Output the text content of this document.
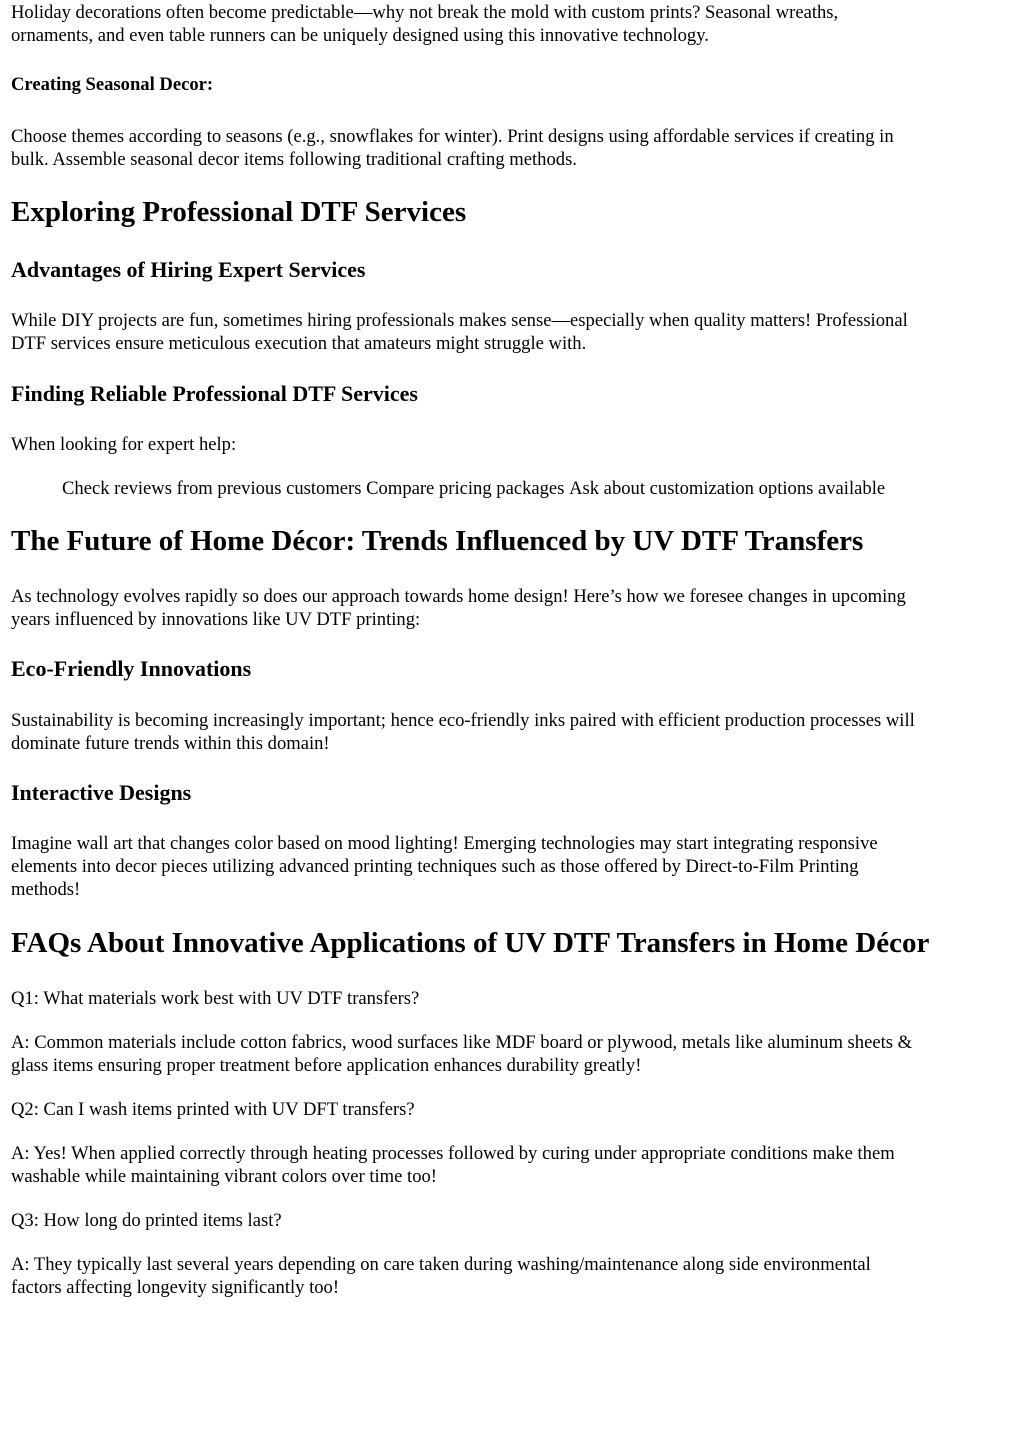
Holiday decorations often become predictable—why not break the mold with custom prints? Seasonal wreaths,
ornaments, and even table runners can be uniquely designed using this innovative technology.

Creating Seasonal Decor:

Choose themes according to seasons (e.g., snowflakes for winter). Print designs using affordable services if creating in
bulk. Assemble seasonal decor items following traditional crafting methods.

Exploring Professional DTF Services
Advantages of Hiring Expert Services

While DIY projects are fun, sometimes hiring professionals makes sense—especially when quality matters! Professional
DTF services ensure meticulous execution that amateurs might struggle with.

Finding Reliable Professional DTF Services

When looking for expert help:

Check reviews from previous customers Compare pricing packages Ask about customization options available
The Future of Home Décor: Trends Influenced by UV DTF Transfers

As technology evolves rapidly so does our approach towards home design! Here’s how we foresee changes in upcoming
years influenced by innovations like UV DTF printing:

Eco-Friendly Innovations

Sustainability is becoming increasingly important; hence eco-friendly inks paired with efficient production processes will
dominate future trends within this domain!

Interactive Designs

Imagine wall art that changes color based on mood lighting! Emerging technologies may start integrating responsive
elements into decor pieces utilizing advanced printing techniques such as those offered by Direct-to-Film Printing
methods!

FAQs About Innovative Applications of UV DTF Transfers in Home Décor

Q1: What materials work best with UV DTF transfers?

A: Common materials include cotton fabrics, wood surfaces like MDF board or plywood, metals like aluminum sheets &
glass items ensuring proper treatment before application enhances durability greatly!

Q2: Can I wash items printed with UV DFT transfers?

A: Yes! When applied correctly through heating processes followed by curing under appropriate conditions make them
washable while maintaining vibrant colors over time too!

Q3: How long do printed items last?

A: They typically last several years depending on care taken during washing/maintenance along side environmental
factors affecting longevity significantly too!
